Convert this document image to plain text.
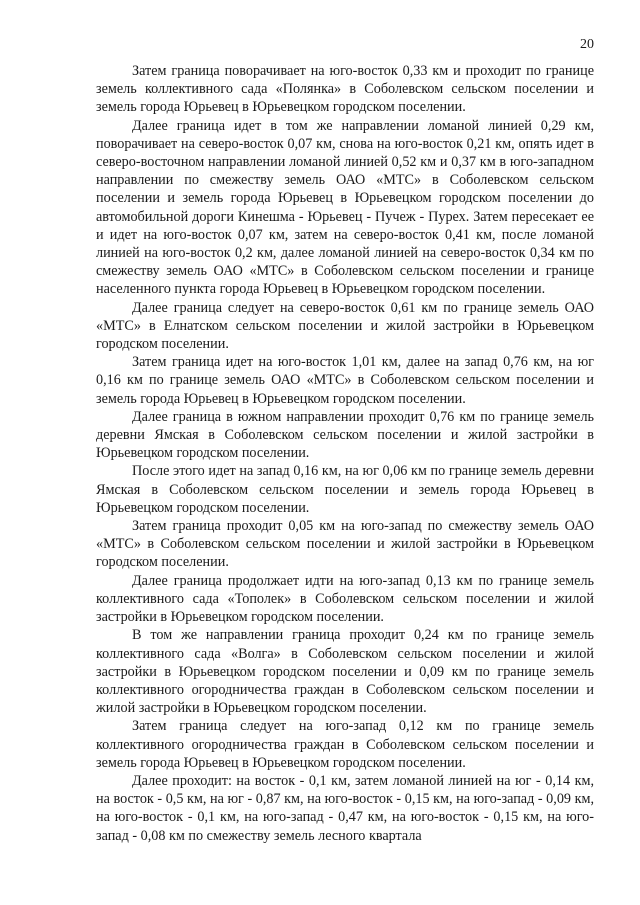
20

Затем граница поворачивает на юго-восток 0,33 км и проходит по границе земель коллективного сада «Полянка» в Соболевском сельском поселении и земель города Юрьевец в Юрьевецком городском поселении.

Далее граница идет в том же направлении ломаной линией 0,29 км, поворачивает на северо-восток 0,07 км, снова на юго-восток 0,21 км, опять идет в северо-восточном направлении ломаной линией 0,52 км и 0,37 км в юго-западном направлении по смежеству земель ОАО «МТС» в Соболевском сельском поселении и земель города Юрьевец в Юрьевецком городском поселении до автомобильной дороги Кинешма - Юрьевец - Пучеж - Пурех. Затем пересекает ее и идет на юго-восток 0,07 км, затем на северо-восток 0,41 км, после ломаной линией на юго-восток 0,2 км, далее ломаной линией на северо-восток 0,34 км по смежеству земель ОАО «МТС» в Соболевском сельском поселении и границе населенного пункта города Юрьевец в Юрьевецком городском поселении.

Далее граница следует на северо-восток 0,61 км по границе земель ОАО «МТС» в Елнатском сельском поселении и жилой застройки в Юрьевецком городском поселении.

Затем граница идет на юго-восток 1,01 км, далее на запад 0,76 км, на юг 0,16 км по границе земель ОАО «МТС» в Соболевском сельском поселении и земель города Юрьевец в Юрьевецком городском поселении.

Далее граница в южном направлении проходит 0,76 км по границе земель деревни Ямская в Соболевском сельском поселении и жилой застройки в Юрьевецком городском поселении.

После этого идет на запад 0,16 км, на юг 0,06 км по границе земель деревни Ямская в Соболевском сельском поселении и земель города Юрьевец в Юрьевецком городском поселении.

Затем граница проходит 0,05 км на юго-запад по смежеству земель ОАО «МТС» в Соболевском сельском поселении и жилой застройки в Юрьевецком городском поселении.

Далее граница продолжает идти на юго-запад 0,13 км по границе земель коллективного сада «Тополек» в Соболевском сельском поселении и жилой застройки в Юрьевецком городском поселении.

В том же направлении граница проходит 0,24 км по границе земель коллективного сада «Волга» в Соболевском сельском поселении и жилой застройки в Юрьевецком городском поселении и 0,09 км по границе земель коллективного огородничества граждан в Соболевском сельском поселении и жилой застройки в Юрьевецком городском поселении.

Затем граница следует на юго-запад 0,12 км по границе земель коллективного огородничества граждан в Соболевском сельском поселении и земель города Юрьевец в Юрьевецком городском поселении.

Далее проходит: на восток - 0,1 км, затем ломаной линией на юг - 0,14 км, на восток - 0,5 км, на юг - 0,87 км, на юго-восток - 0,15 км, на юго-запад - 0,09 км, на юго-восток - 0,1 км, на юго-запад - 0,47 км, на юго-восток - 0,15 км, на юго-запад - 0,08 км по смежеству земель лесного квартала
